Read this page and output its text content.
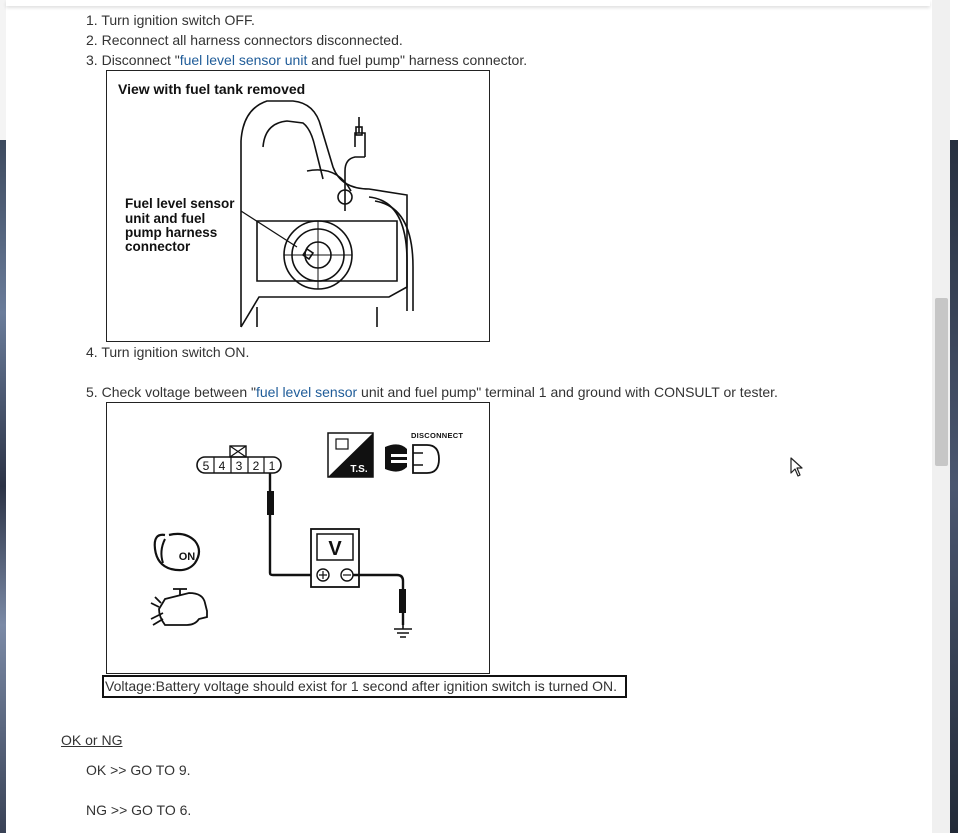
1. Turn ignition switch OFF.
2. Reconnect all harness connectors disconnected.
3. Disconnect "fuel level sensor unit and fuel pump" harness connector.
View with fuel tank removed
Fuel level sensor
unit and fuel
pump harness
connector
4. Turn ignition switch ON.
5. Check voltage between "fuel level sensor unit and fuel pump" terminal 1 and ground with CONSULT or tester.
5 4 3 2 1
V
T.S.
DISCONNECT
ON
Voltage:Battery voltage should exist for 1 second after ignition switch is turned ON.
OK or NG
OK >> GO TO 9.
NG >> GO TO 6.
